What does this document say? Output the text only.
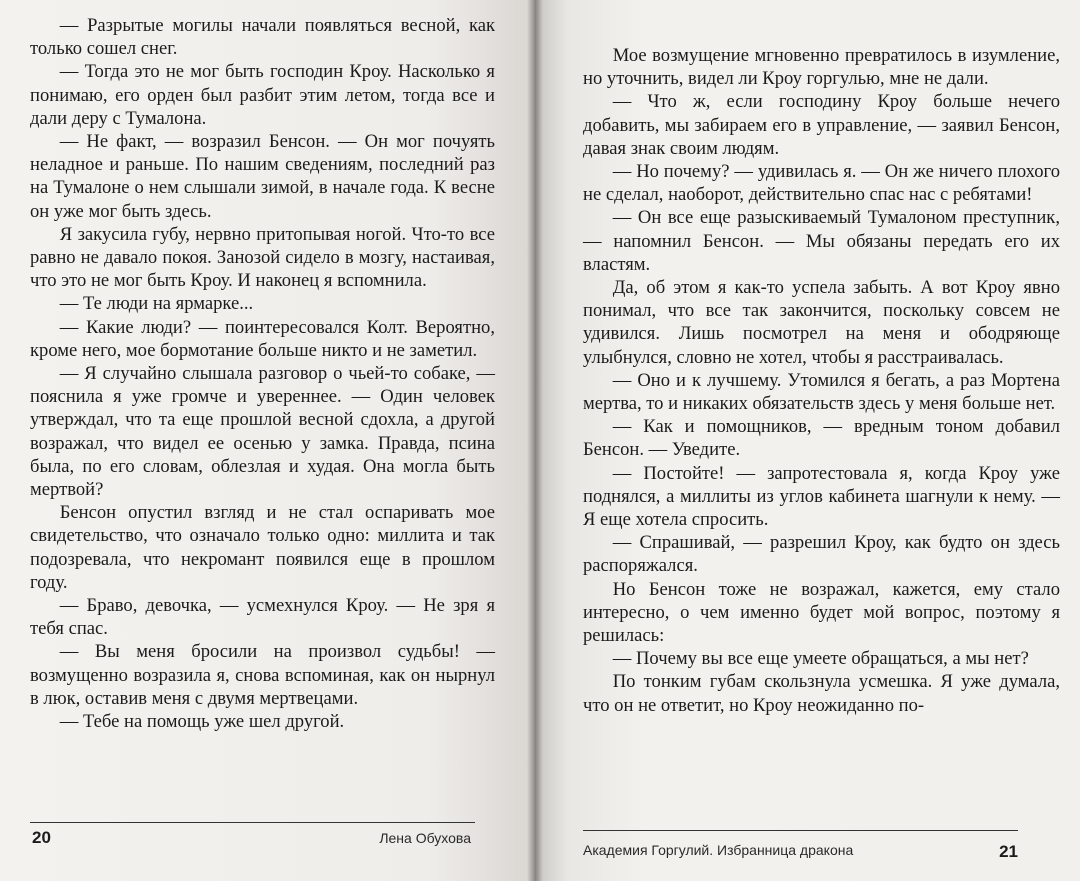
— Разрытые могилы начали появляться весной, как только сошел снег.

— Тогда это не мог быть господин Кроу. Насколько я понимаю, его орден был разбит этим летом, тогда все и дали деру с Тумалона.

— Не факт, — возразил Бенсон. — Он мог почуять неладное и раньше. По нашим сведениям, последний раз на Тумалоне о нем слышали зимой, в начале года. К весне он уже мог быть здесь.

Я закусила губу, нервно притопывая ногой. Что-то все равно не давало покоя. Занозой сидело в мозгу, настаивая, что это не мог быть Кроу. И наконец я вспомнила.

— Те люди на ярмарке...

— Какие люди? — поинтересовался Колт. Вероятно, кроме него, мое бормотание больше никто и не заметил.

— Я случайно слышала разговор о чьей-то собаке, — пояснила я уже громче и увереннее. — Один человек утверждал, что та еще прошлой весной сдохла, а другой возражал, что видел ее осенью у замка. Правда, псина была, по его словам, облезлая и худая. Она могла быть мертвой?

Бенсон опустил взгляд и не стал оспаривать мое свидетельство, что означало только одно: миллита и так подозревала, что некромант появился еще в прошлом году.

— Браво, девочка, — усмехнулся Кроу. — Не зря я тебя спас.

— Вы меня бросили на произвол судьбы! — возмущенно возразила я, снова вспоминая, как он нырнул в люк, оставив меня с двумя мертвецами.

— Тебе на помощь уже шел другой.

20	Лена Обухова

Мое возмущение мгновенно превратилось в изумление, но уточнить, видел ли Кроу горгулью, мне не дали.

— Что ж, если господину Кроу больше нечего добавить, мы забираем его в управление, — заявил Бенсон, давая знак своим людям.

— Но почему? — удивилась я. — Он же ничего плохого не сделал, наоборот, действительно спас нас с ребятами!

— Он все еще разыскиваемый Тумалоном преступник, — напомнил Бенсон. — Мы обязаны передать его их властям.

Да, об этом я как-то успела забыть. А вот Кроу явно понимал, что все так закончится, поскольку совсем не удивился. Лишь посмотрел на меня и ободряюще улыбнулся, словно не хотел, чтобы я расстраивалась.

— Оно и к лучшему. Утомился я бегать, а раз Мортена мертва, то и никаких обязательств здесь у меня больше нет.

— Как и помощников, — вредным тоном добавил Бенсон. — Уведите.

— Постойте! — запротестовала я, когда Кроу уже поднялся, а миллиты из углов кабинета шагнули к нему. — Я еще хотела спросить.

— Спрашивай, — разрешил Кроу, как будто он здесь распоряжался.

Но Бенсон тоже не возражал, кажется, ему стало интересно, о чем именно будет мой вопрос, поэтому я решилась:

— Почему вы все еще умеете обращаться, а мы нет?

По тонким губам скользнула усмешка. Я уже думала, что он не ответит, но Кроу неожиданно по-

Академия Горгулий. Избранница дракона	21
